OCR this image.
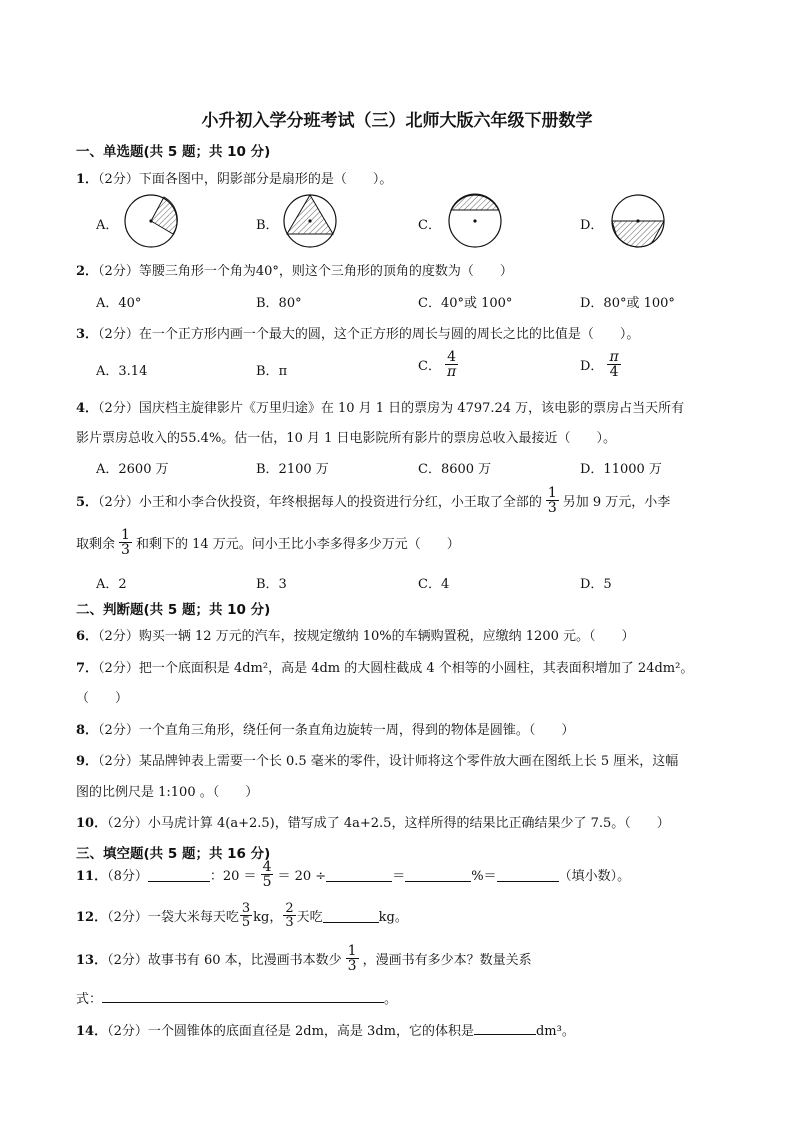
小升初入学分班考试（三）北师大版六年级下册数学
一、单选题(共 5 题；共 10 分)
1．（2分）下面各图中，阴影部分是扇形的是（　　）。
A．	B．	C．	D．
2．（2分）等腰三角形一个角为40°，则这个三角形的顶角的度数为（　　）
A．40°	B．80°	C．40°或 100°	D．80°或 100°
3．（2分）在一个正方形内画一个最大的圆，这个正方形的周长与圆的周长之比的比值是（　　）。
A．3.14	B．π	C． $\frac{4}{\pi}$	D． $\frac{\pi}{4}$
4．（2分）国庆档主旋律影片《万里归途》在 10 月 1 日的票房为 4797.24 万，该电影的票房占当天所有
影片票房总收入的55.4%。估一估，10 月 1 日电影院所有影片的票房总收入最接近（　　）。
A．2600 万	B．2100 万	C．8600 万	D．11000 万
5．（2分）小王和小李合伙投资，年终根据每人的投资进行分红，小王取了全部的 $\frac{1}{3}$ 另加 9 万元，小李
取剩余 $\frac{1}{3}$ 和剩下的 14 万元。问小王比小李多得多少万元（　　）
A．2	B．3	C．4	D．5
二、判断题(共 5 题；共 10 分)
6．（2分）购买一辆 12 万元的汽车，按规定缴纳 10%的车辆购置税，应缴纳 1200 元。（　　）
7．（2分）把一个底面积是 4dm²，高是 4dm 的大圆柱截成 4 个相等的小圆柱，其表面积增加了 24dm²。
（　　）
8．（2分）一个直角三角形，绕任何一条直角边旋转一周，得到的物体是圆锥。（　　）
9．（2分）某品牌钟表上需要一个长 0.5 毫米的零件，设计师将这个零件放大画在图纸上长 5 厘米，这幅
图的比例尺是 1:100 。（　　）
10．（2分）小马虎计算 4(a+2.5)，错写成了 4a+2.5，这样所得的结果比正确结果少了 7.5。（　　）
三、填空题(共 5 题；共 16 分)
11．（8分）	：$20 = \frac{4}{5} = 20$ ÷	＝	%＝	（填小数）。
12．（2分）一袋大米每天吃 $\frac{3}{5}$ kg， $\frac{2}{3}$ 天吃	kg。
13．（2分）故事书有 60 本，比漫画书本数少 $\frac{1}{3}$ ，漫画书有多少本？数量关系
式：	。
14．（2分）一个圆锥体的底面直径是 2dm，高是 3dm，它的体积是	dm³。
